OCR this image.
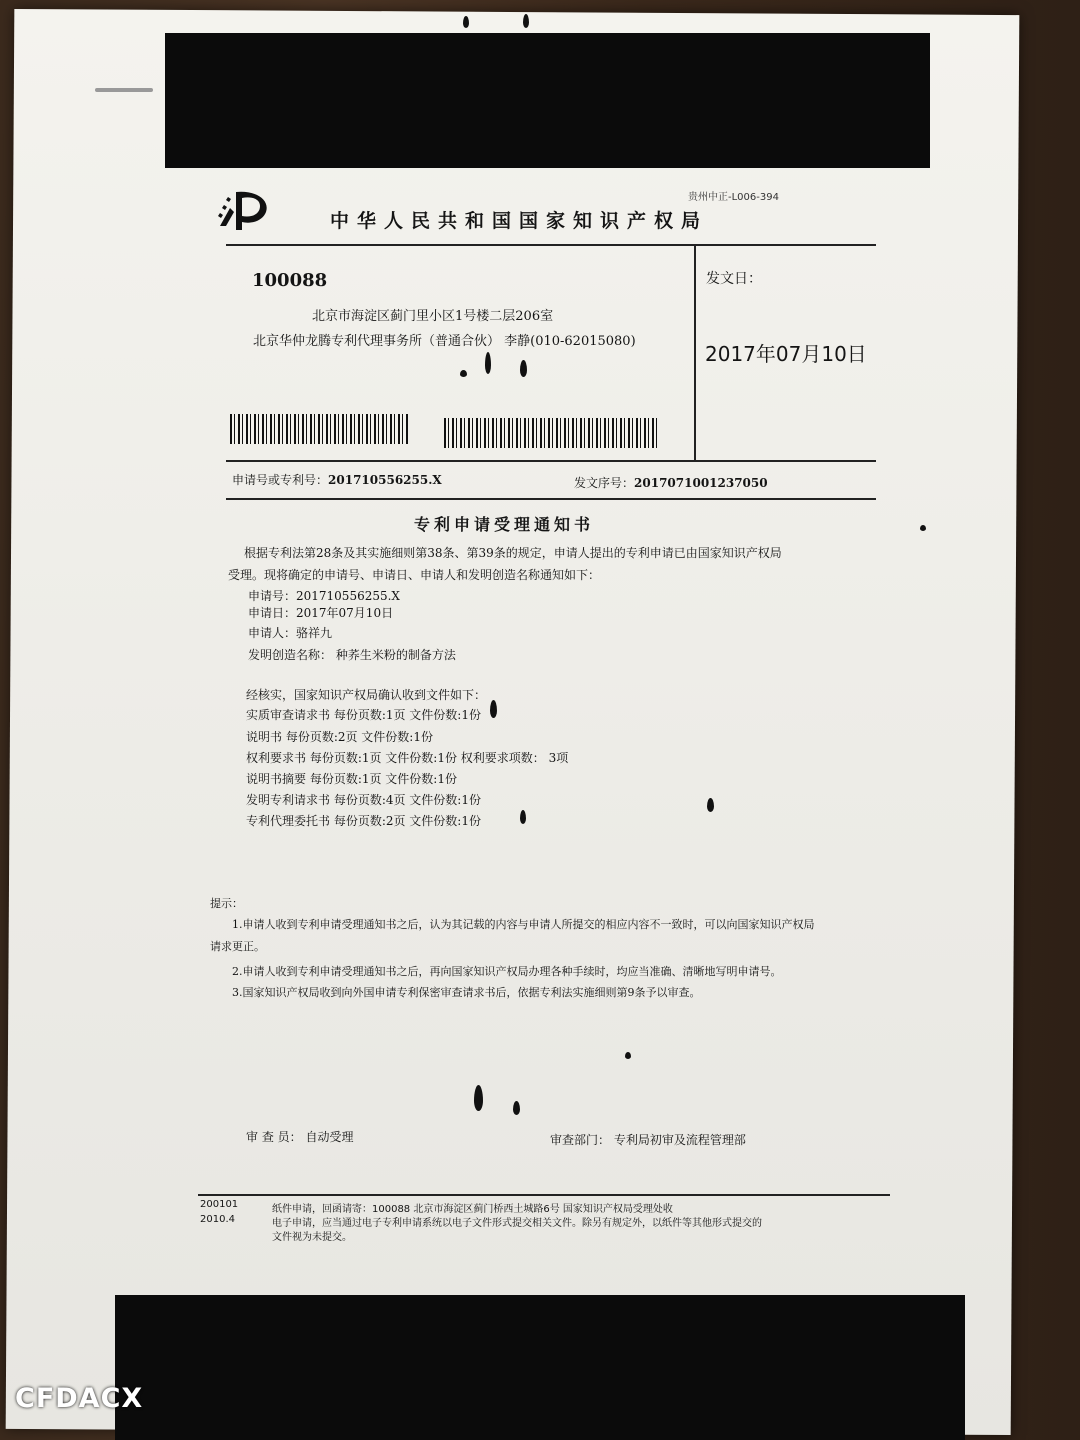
贵州中正-L006-394
中华人民共和国国家知识产权局
100088
北京市海淀区蓟门里小区1号楼二层206室
北京华仲龙腾专利代理事务所（普通合伙） 李静(010-62015080)
发文日：
2017年07月10日
申请号或专利号：201710556255.X	发文序号：2017071001237050
专利申请受理通知书
根据专利法第28条及其实施细则第38条、第39条的规定，申请人提出的专利申请已由国家知识产权局
受理。现将确定的申请号、申请日、申请人和发明创造名称通知如下：
申请号：201710556255.X
申请日：2017年07月10日
申请人：骆祥九
发明创造名称： 种荞生米粉的制备方法
经核实，国家知识产权局确认收到文件如下：
实质审查请求书 每份页数:1页 文件份数:1份
说明书 每份页数:2页 文件份数:1份
权利要求书 每份页数:1页 文件份数:1份 权利要求项数： 3项
说明书摘要 每份页数:1页 文件份数:1份
发明专利请求书 每份页数:4页 文件份数:1份
专利代理委托书 每份页数:2页 文件份数:1份
提示：
1.申请人收到专利申请受理通知书之后，认为其记载的内容与申请人所提交的相应内容不一致时，可以向国家知识产权局
请求更正。
2.申请人收到专利申请受理通知书之后，再向国家知识产权局办理各种手续时，均应当准确、清晰地写明申请号。
3.国家知识产权局收到向外国申请专利保密审查请求书后，依据专利法实施细则第9条予以审查。
审 查 员： 自动受理	审查部门： 专利局初审及流程管理部
200101
2010.4
纸件申请，回函请寄：100088 北京市海淀区蓟门桥西土城路6号 国家知识产权局受理处收
电子申请，应当通过电子专利申请系统以电子文件形式提交相关文件。除另有规定外，以纸件等其他形式提交的
文件视为未提交。
CFDACX
